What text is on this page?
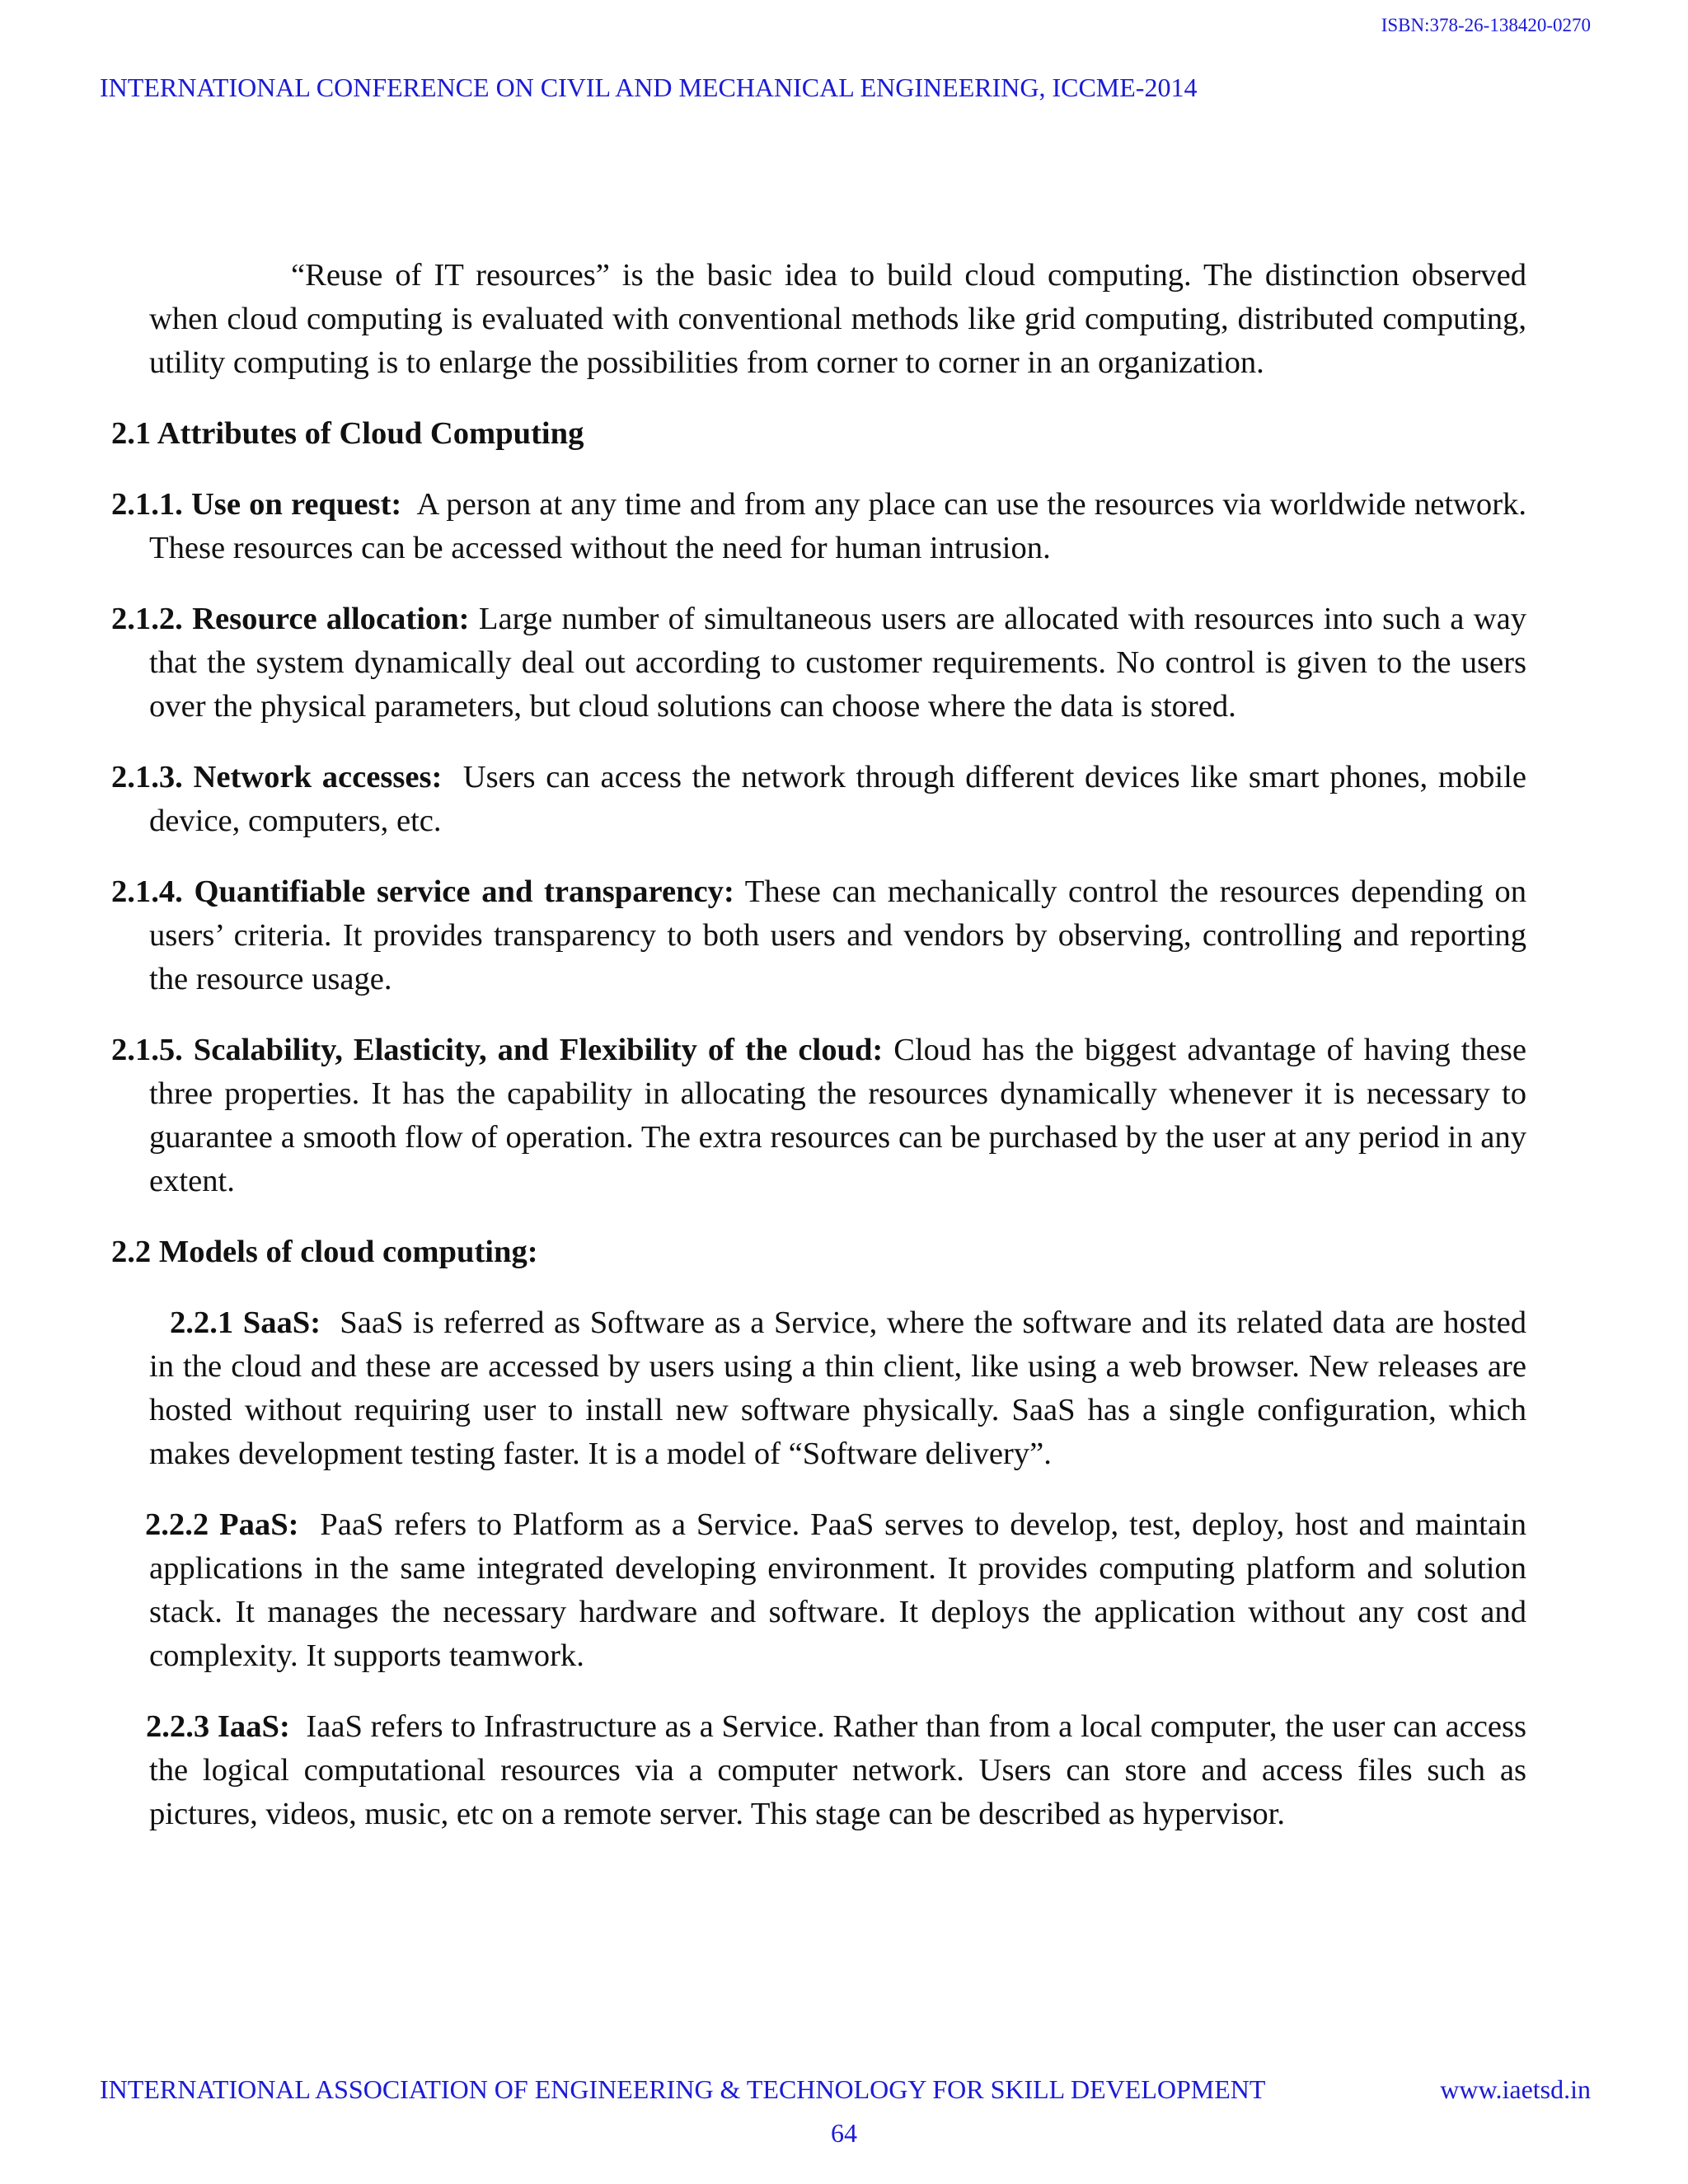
ISBN:378-26-138420-0270
INTERNATIONAL CONFERENCE ON CIVIL AND MECHANICAL ENGINEERING, ICCME-2014

“Reuse of IT resources” is the basic idea to build cloud computing. The distinction observed when cloud computing is evaluated with conventional methods like grid computing, distributed computing, utility computing is to enlarge the possibilities from corner to corner in an organization.

2.1 Attributes of Cloud Computing

2.1.1. Use on request: A person at any time and from any place can use the resources via worldwide network. These resources can be accessed without the need for human intrusion.

2.1.2. Resource allocation: Large number of simultaneous users are allocated with resources into such a way that the system dynamically deal out according to customer requirements. No control is given to the users over the physical parameters, but cloud solutions can choose where the data is stored.

2.1.3. Network accesses: Users can access the network through different devices like smart phones, mobile device, computers, etc.

2.1.4. Quantifiable service and transparency: These can mechanically control the resources depending on users’ criteria. It provides transparency to both users and vendors by observing, controlling and reporting the resource usage.

2.1.5. Scalability, Elasticity, and Flexibility of the cloud: Cloud has the biggest advantage of having these three properties. It has the capability in allocating the resources dynamically whenever it is necessary to guarantee a smooth flow of operation. The extra resources can be purchased by the user at any period in any extent.

2.2 Models of cloud computing:

2.2.1 SaaS: SaaS is referred as Software as a Service, where the software and its related data are hosted in the cloud and these are accessed by users using a thin client, like using a web browser. New releases are hosted without requiring user to install new software physically. SaaS has a single configuration, which makes development testing faster. It is a model of “Software delivery”.

2.2.2 PaaS: PaaS refers to Platform as a Service. PaaS serves to develop, test, deploy, host and maintain applications in the same integrated developing environment. It provides computing platform and solution stack. It manages the necessary hardware and software. It deploys the application without any cost and complexity. It supports teamwork.

2.2.3 IaaS: IaaS refers to Infrastructure as a Service. Rather than from a local computer, the user can access the logical computational resources via a computer network. Users can store and access files such as pictures, videos, music, etc on a remote server. This stage can be described as hypervisor.

INTERNATIONAL ASSOCIATION OF ENGINEERING & TECHNOLOGY FOR SKILL DEVELOPMENT	www.iaetsd.in
64
